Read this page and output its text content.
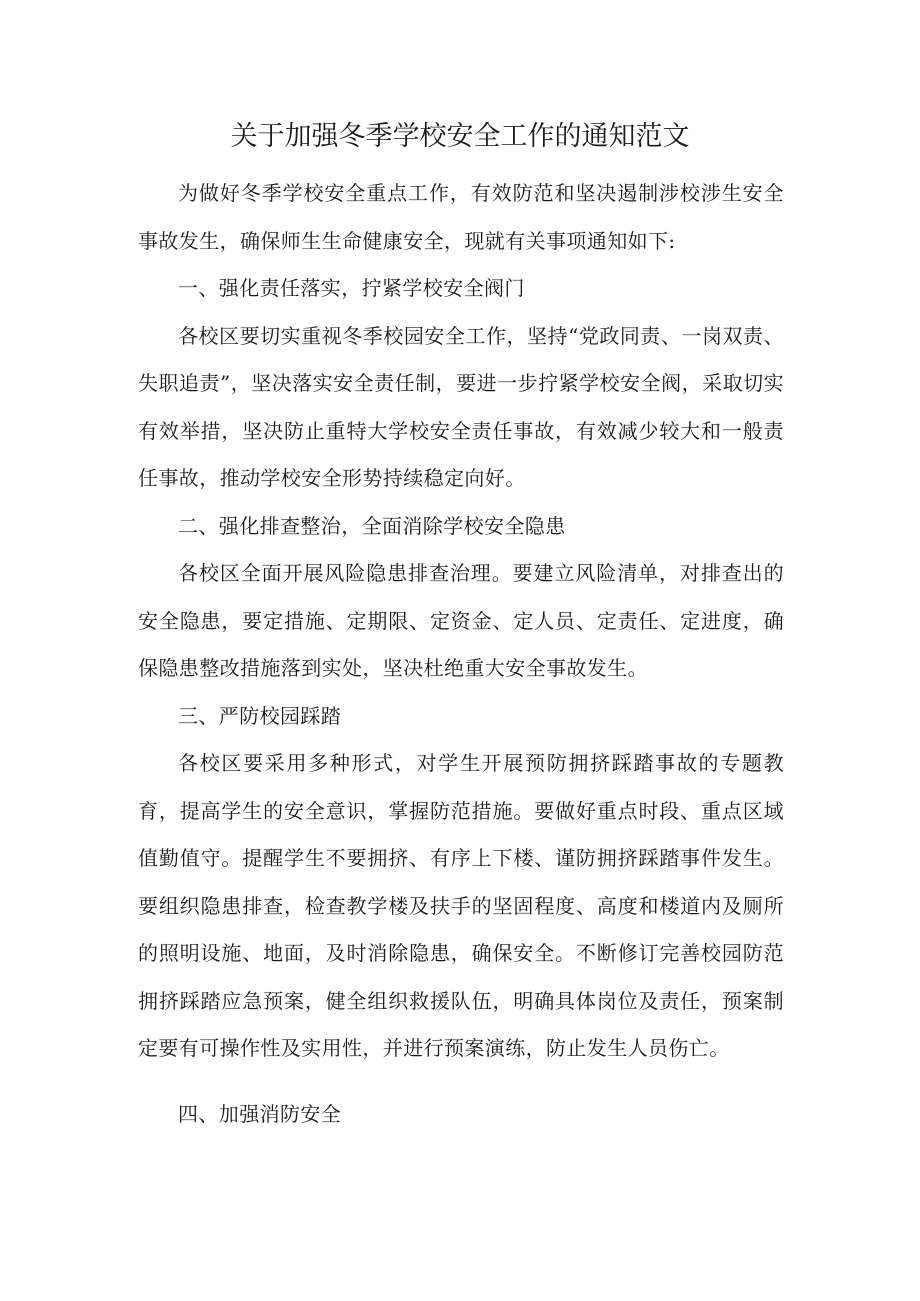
关于加强冬季学校安全工作的通知范文

为做好冬季学校安全重点工作，有效防范和坚决遏制涉校涉生安全事故发生，确保师生生命健康安全，现就有关事项通知如下:

一、强化责任落实，拧紧学校安全阀门

各校区要切实重视冬季校园安全工作，坚持“党政同责、一岗双责、失职追责”，坚决落实安全责任制，要进一步拧紧学校安全阀，采取切实有效举措，坚决防止重特大学校安全责任事故，有效减少较大和一般责任事故，推动学校安全形势持续稳定向好。

二、强化排查整治，全面消除学校安全隐患

各校区全面开展风险隐患排查治理。要建立风险清单，对排查出的安全隐患，要定措施、定期限、定资金、定人员、定责任、定进度，确保隐患整改措施落到实处，坚决杜绝重大安全事故发生。

三、严防校园踩踏

各校区要采用多种形式，对学生开展预防拥挤踩踏事故的专题教育，提高学生的安全意识，掌握防范措施。要做好重点时段、重点区域值勤值守。提醒学生不要拥挤、有序上下楼、谨防拥挤踩踏事件发生。要组织隐患排查，检查教学楼及扶手的坚固程度、高度和楼道内及厕所的照明设施、地面，及时消除隐患，确保安全。不断修订完善校园防范拥挤踩踏应急预案，健全组织救援队伍，明确具体岗位及责任，预案制定要有可操作性及实用性，并进行预案演练，防止发生人员伤亡。

四、加强消防安全
